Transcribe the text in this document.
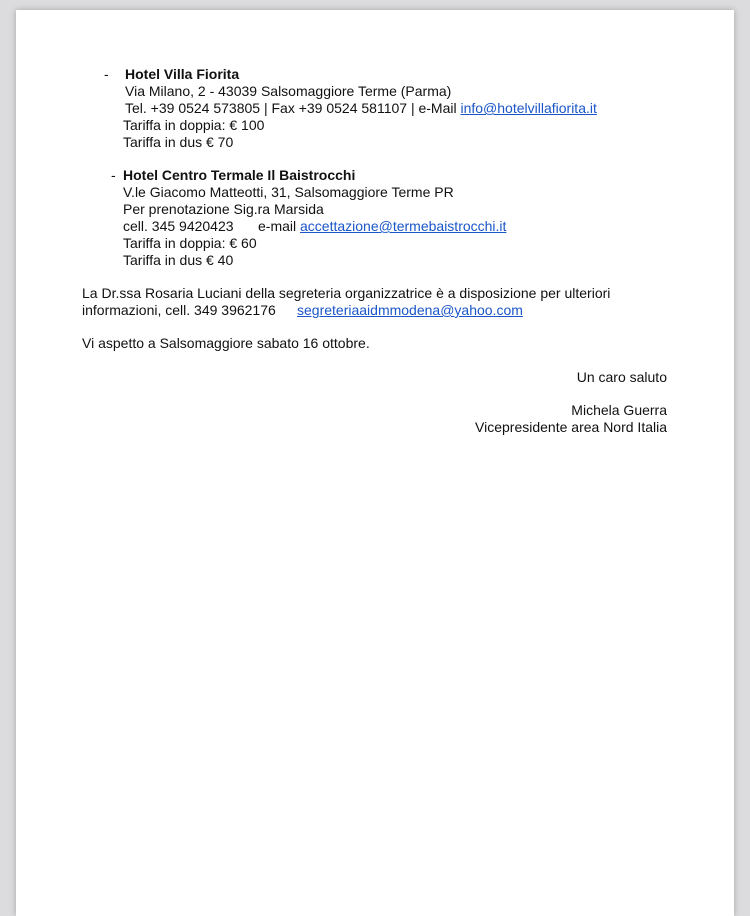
- Hotel Villa Fiorita
Via Milano, 2 - 43039 Salsomaggiore Terme (Parma)
Tel. +39 0524 573805 | Fax +39 0524 581107 | e-Mail info@hotelvillafiorita.it
Tariffa in doppia: € 100
Tariffa in dus € 70
- Hotel Centro Termale Il Baistrocchi
V.le Giacomo Matteotti, 31, Salsomaggiore Terme PR
Per prenotazione Sig.ra Marsida
cell. 345 9420423 e-mail accettazione@termebaistrocchi.it
Tariffa in doppia: € 60
Tariffa in dus € 40
La Dr.ssa Rosaria Luciani della segreteria organizzatrice è a disposizione per ulteriori
informazioni, cell. 349 3962176 segreteriaaidmmodena@yahoo.com
Vi aspetto a Salsomaggiore sabato 16 ottobre.
Un caro saluto
Michela Guerra
Vicepresidente area Nord Italia
